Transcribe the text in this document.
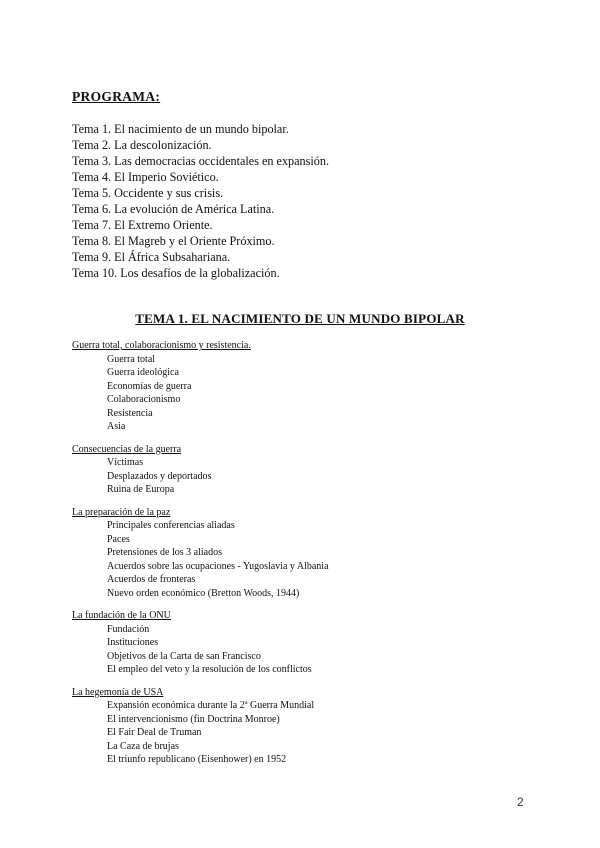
PROGRAMA:
Tema 1. El nacimiento de un mundo bipolar.
Tema 2. La descolonización.
Tema 3. Las democracias occidentales en expansión.
Tema 4. El Imperio Soviético.
Tema 5. Occidente y sus crisis.
Tema 6. La evolución de América Latina.
Tema 7. El Extremo Oriente.
Tema 8. El Magreb y el Oriente Próximo.
Tema 9. El África Subsahariana.
Tema 10. Los desafíos de la globalización.
TEMA 1. EL NACIMIENTO DE UN MUNDO BIPOLAR
Guerra total, colaboracionismo y resistencia.
Guerra total
Guerra ideológica
Economías de guerra
Colaboracionismo
Resistencia
Asia
Consecuencias de la guerra
Víctimas
Desplazados y deportados
Ruina de Europa
La preparación de la paz
Principales conferencias aliadas
Paces
Pretensiones de los 3 aliados
Acuerdos sobre las ocupaciones - Yugoslavia y Albania
Acuerdos de fronteras
Nuevo orden económico (Bretton Woods, 1944)
La fundación de la ONU
Fundación
Instituciones
Objetivos de la Carta de san Francisco
El empleo del veto y la resolución de los conflictos
La hegemonía de USA
Expansión económica durante la 2ª Guerra Mundial
El intervencionismo (fin Doctrina Monroe)
El Fair Deal de Truman
La Caza de brujas
El triunfo republicano (Eisenhower) en 1952
2
